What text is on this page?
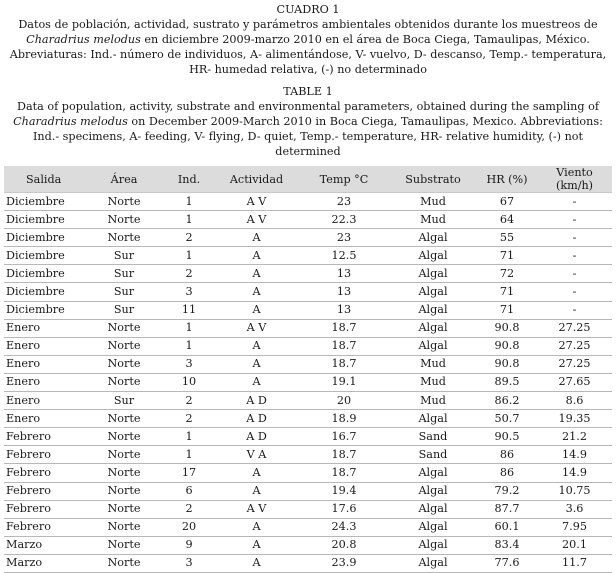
CUADRO 1
Datos de población, actividad, sustrato y parámetros ambientales obtenidos durante los muestreos de Charadrius melodus en diciembre 2009-marzo 2010 en el área de Boca Ciega, Tamaulipas, México. Abreviaturas: Ind.- número de individuos, A- alimentándose, V- vuelvo, D- descanso, Temp.- temperatura, HR- humedad relativa, (-) no determinado
TABLE 1
Data of population, activity, substrate and environmental parameters, obtained during the sampling of Charadrius melodus on December 2009-March 2010 in Boca Ciega, Tamaulipas, Mexico. Abbreviations: Ind.- specimens, A- feeding, V- flying, D- quiet, Temp.- temperature, HR- relative humidity, (-) not determined
Salida	Área	Ind.	Actividad	Temp °C	Substrato	HR (%)	Viento (km/h)
Diciembre	Norte	1	A V	23	Mud	67	-
Diciembre	Norte	1	A V	22.3	Mud	64	-
Diciembre	Norte	2	A	23	Algal	55	-
Diciembre	Sur	1	A	12.5	Algal	71	-
Diciembre	Sur	2	A	13	Algal	72	-
Diciembre	Sur	3	A	13	Algal	71	-
Diciembre	Sur	11	A	13	Algal	71	-
Enero	Norte	1	A V	18.7	Algal	90.8	27.25
Enero	Norte	1	A	18.7	Algal	90.8	27.25
Enero	Norte	3	A	18.7	Mud	90.8	27.25
Enero	Norte	10	A	19.1	Mud	89.5	27.65
Enero	Sur	2	A D	20	Mud	86.2	8.6
Enero	Norte	2	A D	18.9	Algal	50.7	19.35
Febrero	Norte	1	A D	16.7	Sand	90.5	21.2
Febrero	Norte	1	V A	18.7	Sand	86	14.9
Febrero	Norte	17	A	18.7	Algal	86	14.9
Febrero	Norte	6	A	19.4	Algal	79.2	10.75
Febrero	Norte	2	A V	17.6	Algal	87.7	3.6
Febrero	Norte	20	A	24.3	Algal	60.1	7.95
Marzo	Norte	9	A	20.8	Algal	83.4	20.1
Marzo	Norte	3	A	23.9	Algal	77.6	11.7
